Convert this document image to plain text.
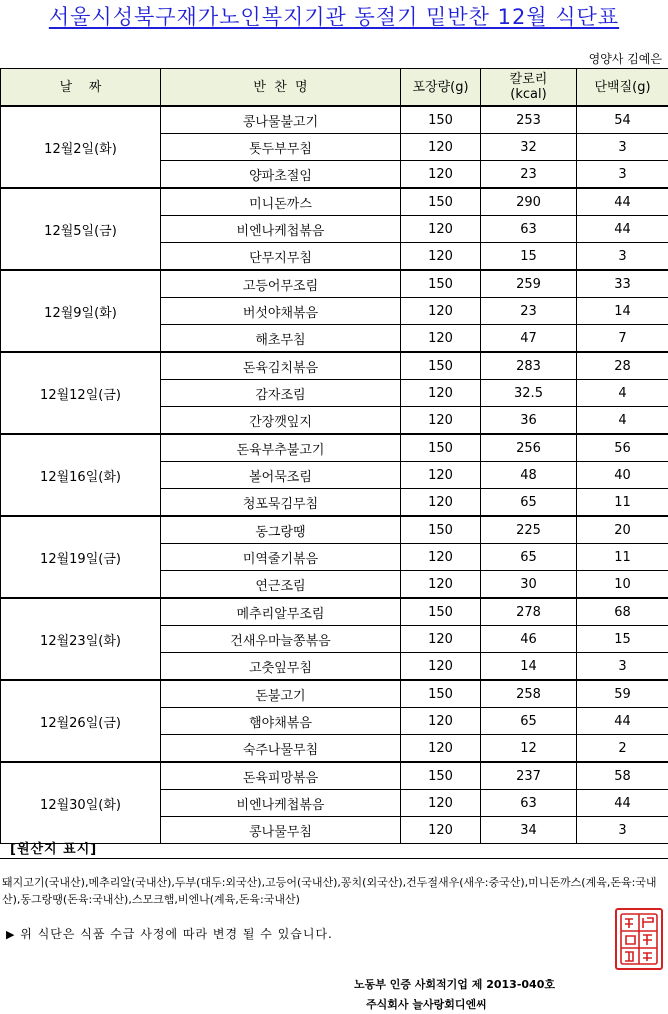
서울시성북구재가노인복지기관 동절기 밑반찬 12월 식단표
영양사 김예은
날    짜	반  찬  명	포장량(g)	칼로리
(kcal)	단백질(g)
12월2일(화)	콩나물불고기	150	253	54
	톳두부무침	120	32	3
	양파초절임	120	23	3
12월5일(금)	미니돈까스	150	290	44
	비엔나케첩볶음	120	63	44
	단무지무침	120	15	3
12월9일(화)	고등어무조림	150	259	33
	버섯야채볶음	120	23	14
	해초무침	120	47	7
12월12일(금)	돈육김치볶음	150	283	28
	감자조림	120	32.5	4
	간장깻잎지	120	36	4
12월16일(화)	돈육부추불고기	150	256	56
	볼어묵조림	120	48	40
	청포묵김무침	120	65	11
12월19일(금)	동그랑땡	150	225	20
	미역줄기볶음	120	65	11
	연근조림	120	30	10
12월23일(화)	메추리알무조림	150	278	68
	건새우마늘쫑볶음	120	46	15
	고춧잎무침	120	14	3
12월26일(금)	돈불고기	150	258	59
	햄야채볶음	120	65	44
	숙주나물무침	120	12	2
12월30일(화)	돈육피망볶음	150	237	58
	비엔나케첩볶음	120	63	44
	콩나물무침	120	34	3
[원산지 표시]
돼지고기(국내산),메추리알(국내산),두부(대두:외국산),고등어(국내산),꽁치(외국산),건두절새우(새우:중국산),미니돈까스(계육,돈육:국내산),동그랑땡(돈육:국내산),스모크햄,비엔나(계육,돈육:국내산)
▶ 위 식단은 식품 수급 사정에 따라 변경 될 수 있습니다.
노동부 인증 사회적기업 제 2013-040호
주식회사 늘사랑회디엔씨
